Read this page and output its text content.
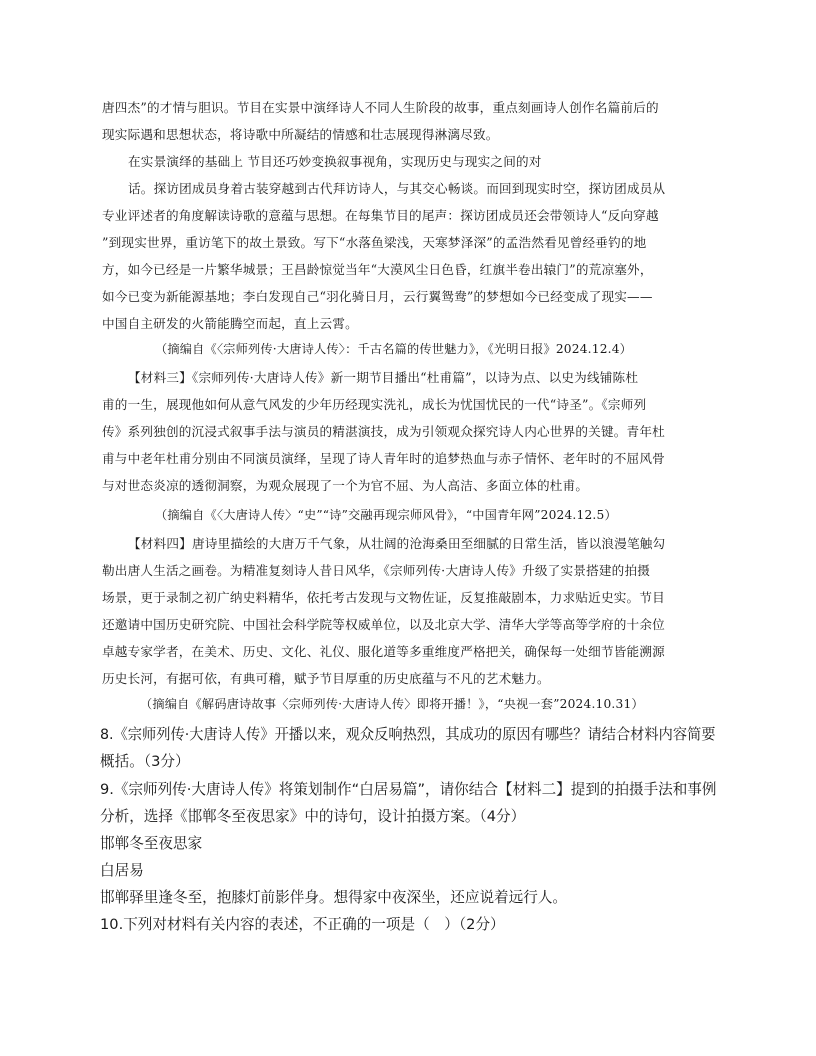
唐四杰”的才情与胆识。节目在实景中演绎诗人不同人生阶段的故事，重点刻画诗人创作名篇前后的
现实际遇和思想状态，将诗歌中所凝结的情感和壮志展现得淋漓尽致。
在实景演绎的基础上 节目还巧妙变换叙事视角，实现历史与现实之间的对
话。探访团成员身着古装穿越到古代拜访诗人，与其交心畅谈。而回到现实时空，探访团成员从
专业评述者的角度解读诗歌的意蕴与思想。在每集节目的尾声：探访团成员还会带领诗人“反向穿越
”到现实世界，重访笔下的故土景致。写下“水落鱼梁浅，天寒梦泽深”的孟浩然看见曾经垂钓的地
方，如今已经是一片繁华城景；王昌龄惊觉当年“大漠风尘日色昏，红旗半卷出辕门”的荒凉塞外，
如今已变为新能源基地；李白发现自己“羽化骑日月，云行翼鸳鸯”的梦想如今已经变成了现实——
中国自主研发的火箭能腾空而起，直上云霄。
（摘编自《〈宗师列传·大唐诗人传〉：千古名篇的传世魅力》，《光明日报》2024.12.4）
【材料三】《宗师列传·大唐诗人传》新一期节目播出“杜甫篇”，以诗为点、以史为线铺陈杜
甫的一生，展现他如何从意气风发的少年历经现实洗礼，成长为忧国忧民的一代“诗圣”。《宗师列
传》系列独创的沉浸式叙事手法与演员的精湛演技，成为引领观众探究诗人内心世界的关键。青年杜
甫与中老年杜甫分别由不同演员演绎，呈现了诗人青年时的追梦热血与赤子情怀、老年时的不屈风骨
与对世态炎凉的透彻洞察，为观众展现了一个为官不屈、为人高洁、多面立体的杜甫。
（摘编自《〈大唐诗人传〉“史”“诗”交融再现宗师风骨》，“中国青年网”2024.12.5）
【材料四】唐诗里描绘的大唐万千气象，从壮阔的沧海桑田至细腻的日常生活，皆以浪漫笔触勾
勒出唐人生活之画卷。为精准复刻诗人昔日风华，《宗师列传·大唐诗人传》升级了实景搭建的拍摄
场景，更于录制之初广纳史料精华，依托考古发现与文物佐证，反复推敲剧本，力求贴近史实。节目
还邀请中国历史研究院、中国社会科学院等权威单位，以及北京大学、清华大学等高等学府的十余位
卓越专家学者，在美术、历史、文化、礼仪、服化道等多重维度严格把关，确保每一处细节皆能溯源
历史长河，有据可依，有典可稽，赋予节目厚重的历史底蕴与不凡的艺术魅力。
（摘编自《解码唐诗故事〈宗师列传·大唐诗人传〉即将开播！》，“央视一套”2024.10.31）
8.《宗师列传·大唐诗人传》开播以来，观众反响热烈，其成功的原因有哪些？请结合材料内容简要
概括。（3分）
9.《宗师列传·大唐诗人传》将策划制作“白居易篇”，请你结合【材料二】提到的拍摄手法和事例
分析，选择《邯郸冬至夜思家》中的诗句，设计拍摄方案。（4分）
邯郸冬至夜思家
白居易
邯郸驿里逢冬至，抱膝灯前影伴身。想得家中夜深坐，还应说着远行人。
10.下列对材料有关内容的表述，不正确的一项是（　）（2分）
